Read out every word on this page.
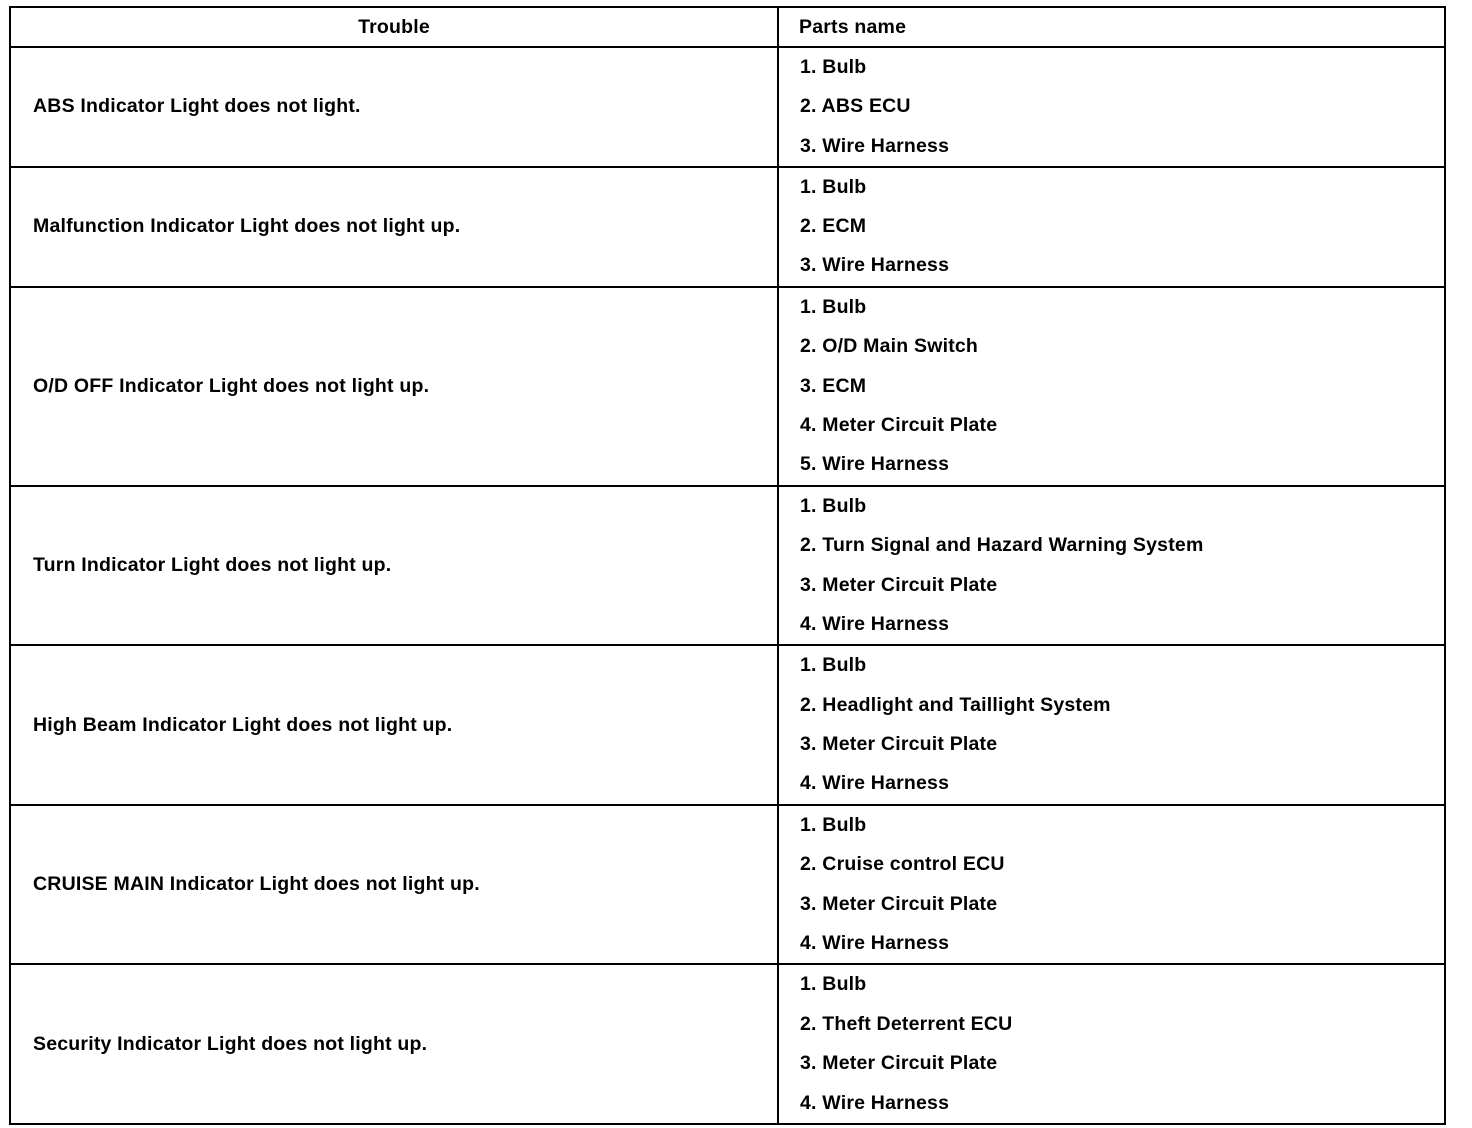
Trouble	Parts name
ABS Indicator Light does not light.	1. Bulb
2. ABS ECU
3. Wire Harness

Malfunction Indicator Light does not light up.	1. Bulb
2. ECM
3. Wire Harness

O/D OFF Indicator Light does not light up.	1. Bulb
2. O/D Main Switch
3. ECM
4. Meter Circuit Plate
5. Wire Harness

Turn Indicator Light does not light up.	1. Bulb
2. Turn Signal and Hazard Warning System
3. Meter Circuit Plate
4. Wire Harness

High Beam Indicator Light does not light up.	1. Bulb
2. Headlight and Taillight System
3. Meter Circuit Plate
4. Wire Harness

CRUISE MAIN Indicator Light does not light up.	1. Bulb
2. Cruise control ECU
3. Meter Circuit Plate
4. Wire Harness

Security Indicator Light does not light up.	1. Bulb
2. Theft Deterrent ECU
3. Meter Circuit Plate
4. Wire Harness
